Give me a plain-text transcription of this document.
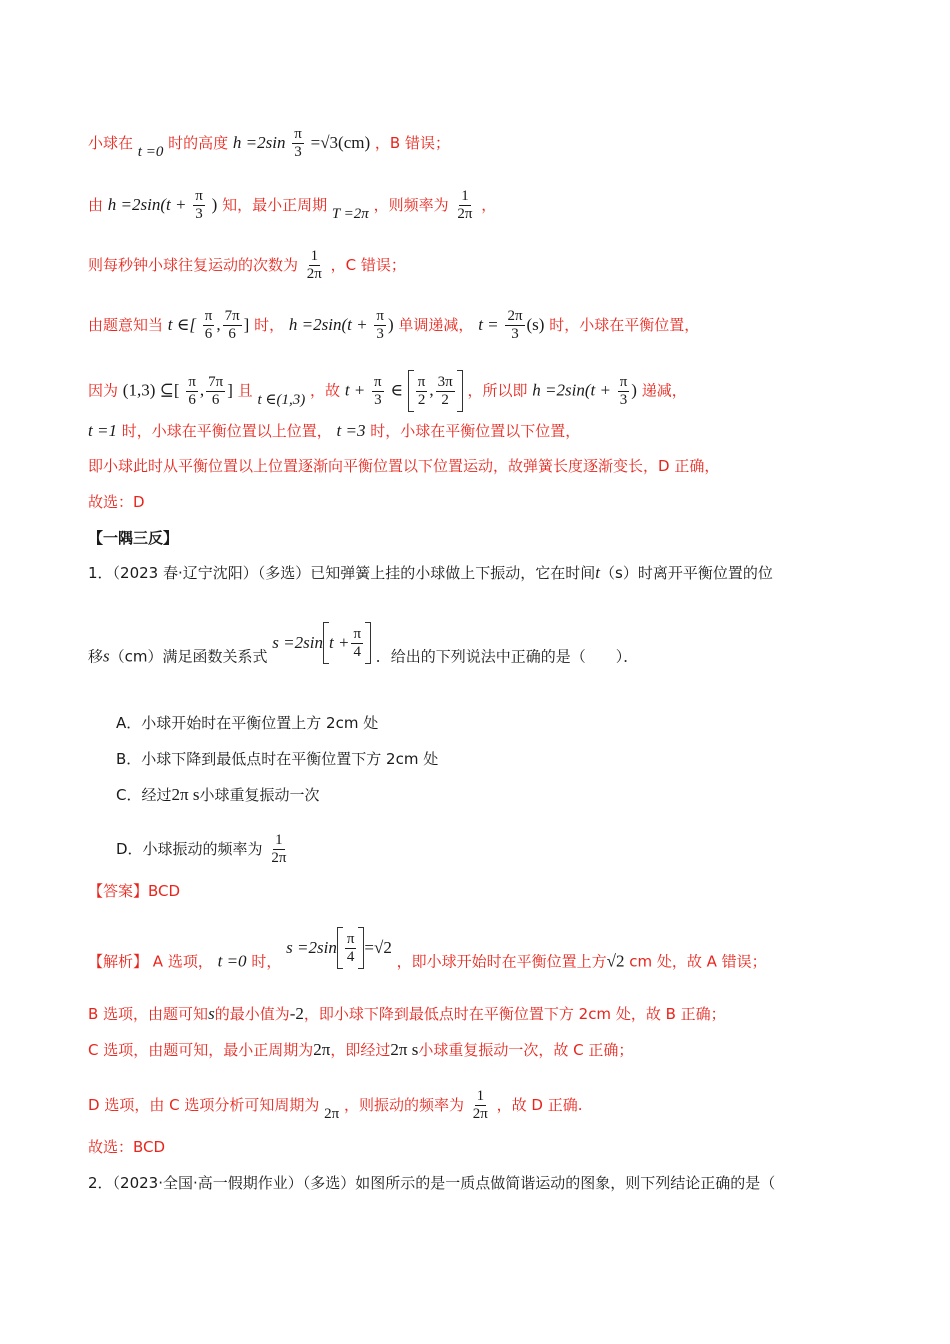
小球在 t =0 时的高度 $h =2\sin \frac{\pi}{3} =√3(cm)$ ，B 错误；
由 $h =2\sin(t + \frac{\pi}{3}$ ) 知，最小正周期 T =2π ，则频率为 $\frac{1}{2\pi}$ ，
则每秒钟小球往复运动的次数为 $\frac{1}{2\pi}$ ，C 错误；
由题意知当 t ∈[ $\frac{\pi}{6}$ , $\frac{7\pi}{6}$ ] 时， $h =2\sin(t + \frac{\pi}{3}$ ) 单调递减， $t = \frac{2\pi}{3} (s)$ 时，小球在平衡位置，
因为 (1,3) ⊆[ $\frac{\pi}{6}$ , $\frac{7\pi}{6}$ ] 且 t ∈(1,3) ，故 $t + \frac{\pi}{3}$ ∈ $\frac{\pi}{2}$ , $\frac{3\pi}{2}$ ，所以即 $h =2\sin(t + \frac{\pi}{3}$ ) 递减，
t =1 时，小球在平衡位置以上位置， t =3 时，小球在平衡位置以下位置，
即小球此时从平衡位置以上位置逐渐向平衡位置以下位置运动，故弹簧长度逐渐变长，D 正确，
故选：D
【一隅三反】
1．（2023 春·辽宁沈阳）（多选）已知弹簧上挂的小球做上下振动，它在时间t（s）时离开平衡位置的位
移s（cm）满足函数关系式 s =2sin $t + \frac{\pi}{4}$ ．给出的下列说法中正确的是（　　）．
A．小球开始时在平衡位置上方 2cm 处
B．小球下降到最低点时在平衡位置下方 2cm 处
C．经过2π s小球重复振动一次
D．小球振动的频率为 $\frac{1}{2\pi}$
【答案】BCD
【解析】 A 选项， t =0 时， $s =2\sin \frac{\pi}{4} =√2$ ，即小球开始时在平衡位置上方√2 cm 处，故 A 错误；
B 选项，由题可知s的最小值为-2，即小球下降到最低点时在平衡位置下方 2cm 处，故 B 正确；
C 选项，由题可知，最小正周期为2π，即经过2π s小球重复振动一次，故 C 正确；
D 选项，由 C 选项分析可知周期为 2π ，则振动的频率为 $\frac{1}{2\pi}$ ，故 D 正确.
故选：BCD
2．（2023·全国·高一假期作业）（多选）如图所示的是一质点做简谐运动的图象，则下列结论正确的是（
